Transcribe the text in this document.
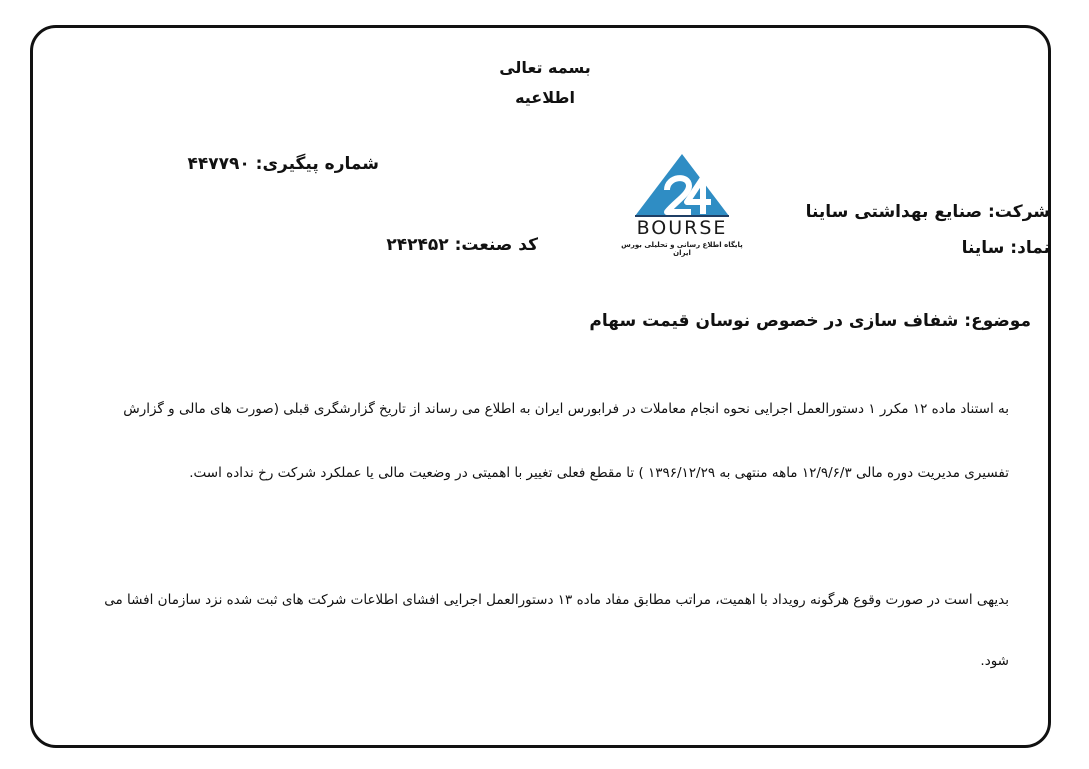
بسمه تعالی
اطلاعیه
شماره پیگیری: ۴۴۷۷۹۰
کد صنعت: ۲۴۲۴۵۲
شرکت: صنایع بهداشتی ساینا
نماد: ساینا
BOURSE
پایگاه اطلاع رسانی و تحلیلی بورس ایران
موضوع: شفاف سازی در خصوص نوسان قیمت سهام
به استناد ماده ۱۲ مکرر ۱ دستورالعمل اجرایی نحوه انجام معاملات در فرابورس ایران به اطلاع می رساند از تاریخ گزارشگری قبلی (صورت های مالی و گزارش
تفسیری مدیریت دوره مالی ۱۲/۹/۶/۳ ماهه منتهی به ۱۳۹۶/۱۲/۲۹ ) تا مقطع فعلی تغییر با اهمیتی در وضعیت مالی یا عملکرد شرکت رخ نداده است.
بدیهی است در صورت وقوع هرگونه رویداد با اهمیت، مراتب مطابق مفاد ماده ۱۳ دستورالعمل اجرایی افشای اطلاعات شرکت های ثبت شده نزد سازمان افشا می
شود.
